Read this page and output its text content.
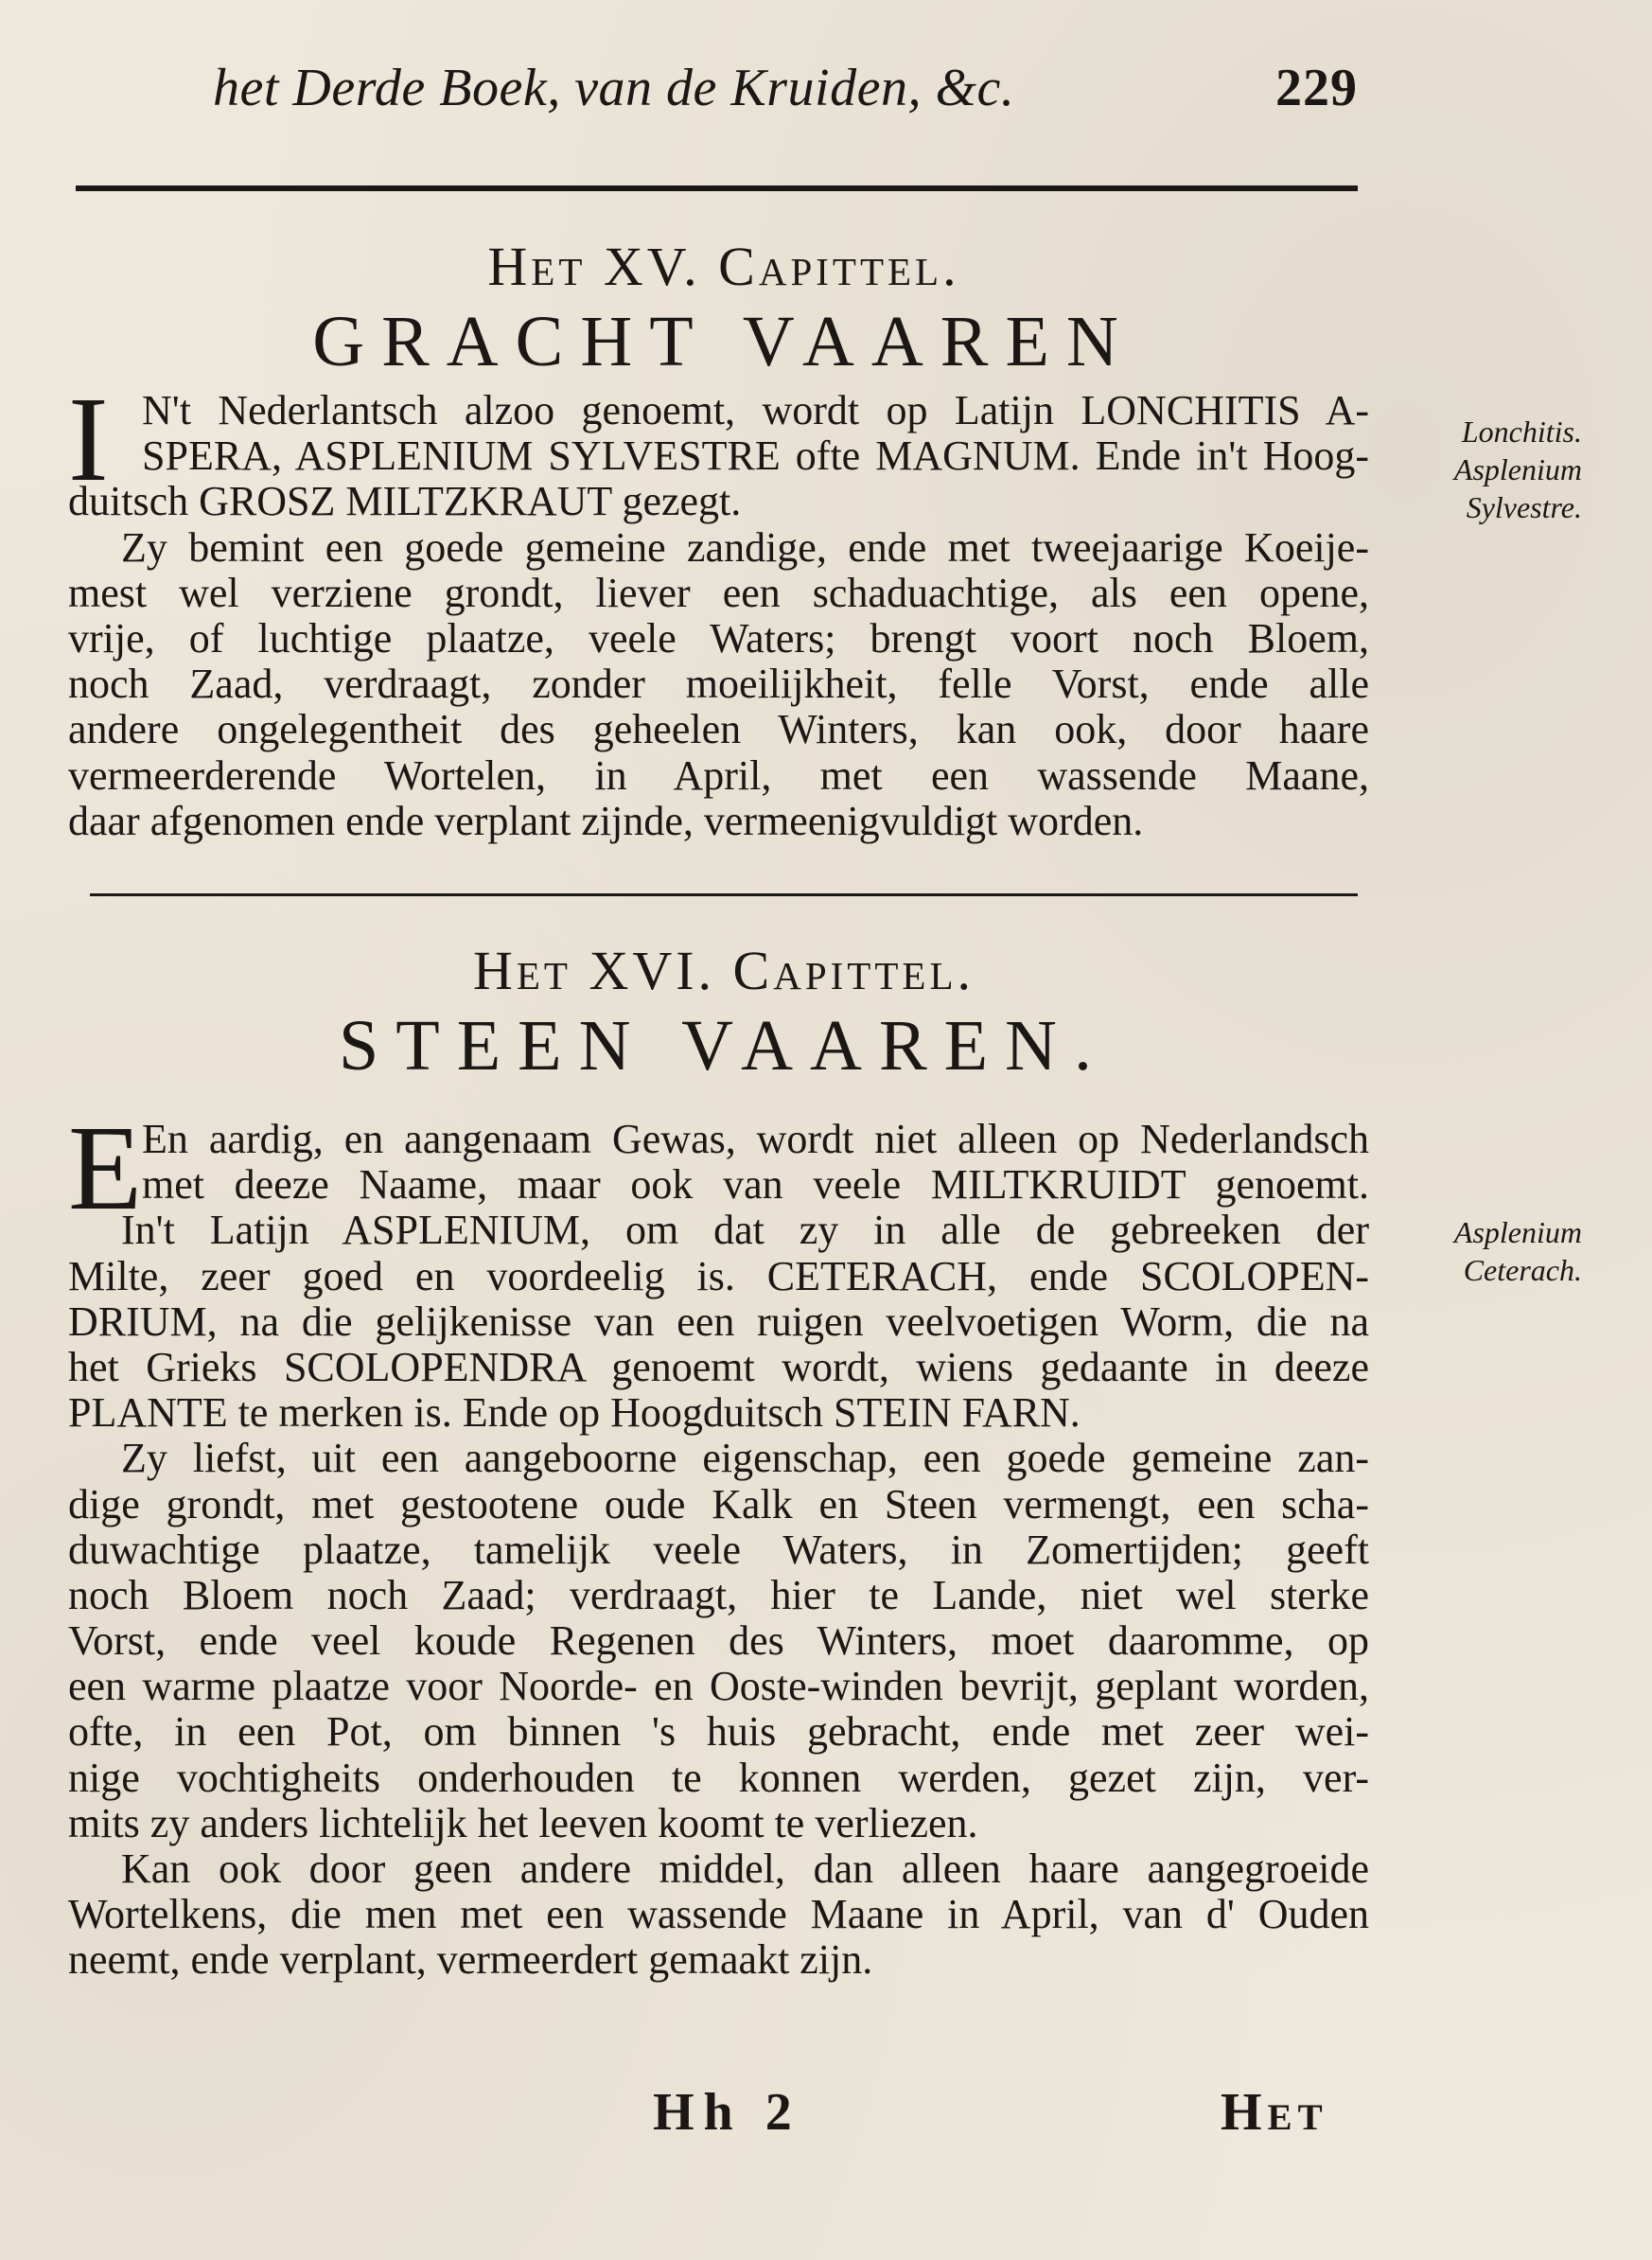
het Derde Boek, van de Kruiden, &c.	229
Het XV. Capittel.
GRACHT VAAREN
I N't Nederlantsch alzoo genoemt, wordt op Latijn LONCHITIS A-
SPERA, ASPLENIUM SYLVESTRE ofte MAGNUM. Ende in't Hoog-
duitsch GROSZ MILTZKRAUT gezegt.
Zy bemint een goede gemeine zandige, ende met tweejaarige Koeije-
mest wel verziene grondt, liever een schaduachtige, als een opene,
vrije, of luchtige plaatze, veele Waters; brengt voort noch Bloem,
noch Zaad, verdraagt, zonder moeilijkheit, felle Vorst, ende alle
andere ongelegentheit des geheelen Winters, kan ook, door haare
vermeerderende Wortelen, in April, met een wassende Maane,
daar afgenomen ende verplant zijnde, vermeenigvuldigt worden.
Lonchitis.
Asplenium
Sylvestre.
Het XVI. Capittel.
STEEN VAAREN.
E En aardig, en aangenaam Gewas, wordt niet alleen op Nederlandsch
met deeze Naame, maar ook van veele MILTKRUIDT genoemt.
In't Latijn ASPLENIUM, om dat zy in alle de gebreeken der
Milte, zeer goed en voordeelig is. CETERACH, ende SCOLOPEN-
DRIUM, na die gelijkenisse van een ruigen veelvoetigen Worm, die na
het Grieks SCOLOPENDRA genoemt wordt, wiens gedaante in deeze
PLANTE te merken is. Ende op Hoogduitsch STEIN FARN.
Zy liefst, uit een aangeboorne eigenschap, een goede gemeine zan-
dige grondt, met gestootene oude Kalk en Steen vermengt, een scha-
duwachtige plaatze, tamelijk veele Waters, in Zomertijden; geeft
noch Bloem noch Zaad; verdraagt, hier te Lande, niet wel sterke
Vorst, ende veel koude Regenen des Winters, moet daaromme, op
een warme plaatze voor Noorde- en Ooste-winden bevrijt, geplant worden,
ofte, in een Pot, om binnen 's huis gebracht, ende met zeer wei-
nige vochtigheits onderhouden te konnen werden, gezet zijn, ver-
mits zy anders lichtelijk het leeven koomt te verliezen.
Kan ook door geen andere middel, dan alleen haare aangegroeide
Wortelkens, die men met een wassende Maane in April, van d' Ouden
neemt, ende verplant, vermeerdert gemaakt zijn.
Asplenium
Ceterach.
Hh 2	Het
